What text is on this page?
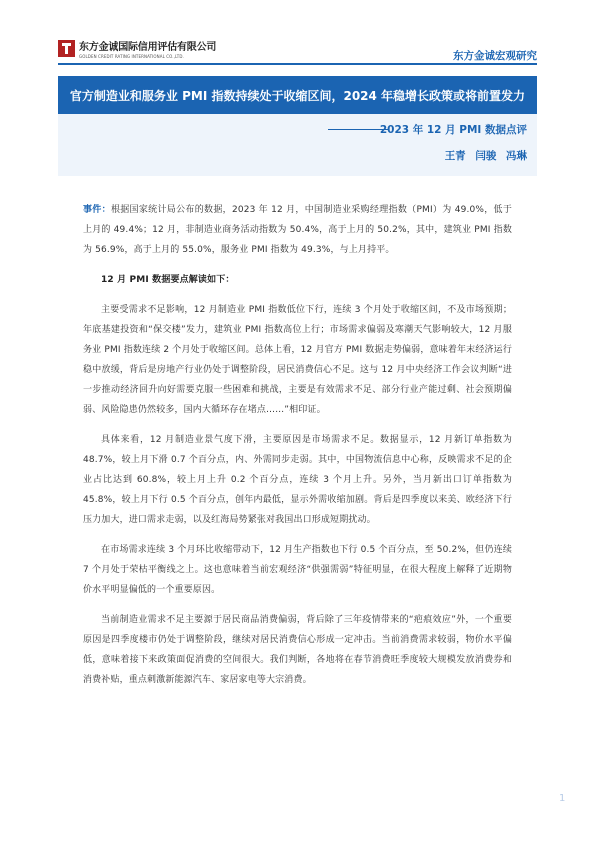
东方金诚国际信用评估有限公司
GOLDEN CREDIT RATING INTERNATIONAL CO.,LTD.	东方金诚宏观研究
官方制造业和服务业 PMI 指数持续处于收缩区间，2024 年稳增长政策或将前置发力
2023 年 12 月 PMI 数据点评
王青 闫骏 冯琳

事件：根据国家统计局公布的数据，2023 年 12 月，中国制造业采购经理指数（PMI）为 49.0%，低于上月的 49.4%；12 月，非制造业商务活动指数为 50.4%，高于上月的 50.2%，其中，建筑业 PMI 指数为 56.9%，高于上月的 55.0%，服务业 PMI 指数为 49.3%，与上月持平。

12 月 PMI 数据要点解读如下：

主要受需求不足影响，12 月制造业 PMI 指数低位下行，连续 3 个月处于收缩区间，不及市场预期；年底基建投资和“保交楼”发力，建筑业 PMI 指数高位上行；市场需求偏弱及寒潮天气影响较大，12 月服务业 PMI 指数连续 2 个月处于收缩区间。总体上看，12 月官方 PMI 数据走势偏弱，意味着年末经济运行稳中放缓，背后是房地产行业仍处于调整阶段，居民消费信心不足。这与 12 月中央经济工作会议判断“进一步推动经济回升向好需要克服一些困难和挑战，主要是有效需求不足、部分行业产能过剩、社会预期偏弱、风险隐患仍然较多，国内大循环存在堵点……”相印证。

具体来看，12 月制造业景气度下滑，主要原因是市场需求不足。数据显示，12 月新订单指数为 48.7%，较上月下滑 0.7 个百分点，内、外需同步走弱。其中，中国物流信息中心称，反映需求不足的企业占比达到 60.8%，较上月上升 0.2 个百分点，连续 3 个月上升。另外，当月新出口订单指数为 45.8%，较上月下行 0.5 个百分点，创年内最低，显示外需收缩加剧。背后是四季度以来美、欧经济下行压力加大，进口需求走弱，以及红海局势紧张对我国出口形成短期扰动。

在市场需求连续 3 个月环比收缩带动下，12 月生产指数也下行 0.5 个百分点，至 50.2%，但仍连续 7 个月处于荣枯平衡线之上。这也意味着当前宏观经济“供强需弱”特征明显，在很大程度上解释了近期物价水平明显偏低的一个重要原因。

当前制造业需求不足主要源于居民商品消费偏弱，背后除了三年疫情带来的“疤痕效应”外，一个重要原因是四季度楼市仍处于调整阶段，继续对居民消费信心形成一定冲击。当前消费需求较弱，物价水平偏低，意味着接下来政策面促消费的空间很大。我们判断，各地将在春节消费旺季度较大规模发放消费券和消费补贴，重点刺激新能源汽车、家居家电等大宗消费。

1
